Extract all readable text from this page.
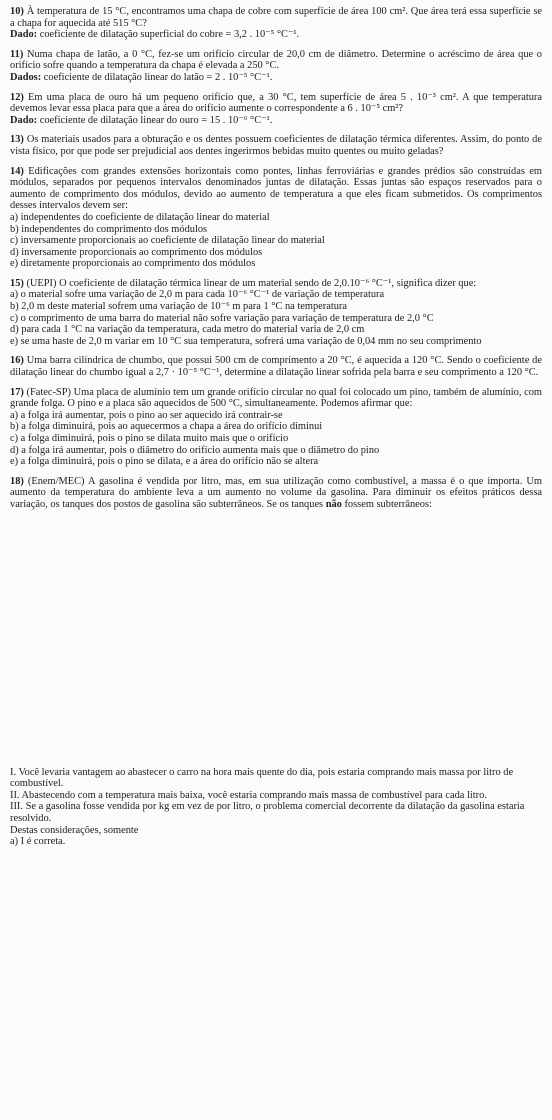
10) À temperatura de 15 °C, encontramos uma chapa de cobre com superfície de área 100 cm². Que área terá essa superfície se a chapa for aquecida até 515 °C?

Dado: coeficiente de dilatação superficial do cobre = 3,2 . 10⁻⁵ °C⁻¹.

11) Numa chapa de latão, a 0 °C, fez-se um orifício circular de 20,0 cm de diâmetro. Determine o acréscimo de área que o orifício sofre quando a temperatura da chapa é elevada a 250 °C.

Dados: coeficiente de dilatação linear do latão = 2 . 10⁻⁵ °C⁻¹.

12) Em uma placa de ouro há um pequeno orifício que, a 30 °C, tem superfície de área 5 . 10⁻³ cm². A que temperatura devemos levar essa placa para que a área do orifício aumente o correspondente a 6 . 10⁻⁵ cm²?

Dado: coeficiente de dilatação linear do ouro = 15 . 10⁻⁶ °C⁻¹.

13) Os materiais usados para a obturação e os dentes possuem coeficientes de dilatação térmica diferentes. Assim, do ponto de vista físico, por que pode ser prejudicial aos dentes ingerirmos bebidas muito quentes ou muito geladas?

14) Edificações com grandes extensões horizontais como pontes, linhas ferroviárias e grandes prédios são construídas em módulos, separados por pequenos intervalos denominados juntas de dilatação. Essas juntas são espaços reservados para o aumento de comprimento dos módulos, devido ao aumento de temperatura a que eles ficam submetidos. Os comprimentos desses intervalos devem ser:

a) independentes do coeficiente de dilatação linear do material

b) independentes do comprimento dos módulos

c) inversamente proporcionais ao coeficiente de dilatação linear do material

d) inversamente proporcionais ao comprimento dos módulos

e) diretamente proporcionais ao comprimento dos módulos

15) (UEPI) O coeficiente de dilatação térmica linear de um material sendo de 2,0.10⁻⁶ °C⁻¹, significa dizer que:

a) o material sofre uma variação de 2,0 m para cada 10⁻⁶ °C⁻¹ de variação de temperatura

b) 2,0 m deste material sofrem uma variação de 10⁻⁶ m para 1 °C na temperatura

c) o comprimento de uma barra do material não sofre variação para variação de temperatura de 2,0 °C

d) para cada 1 °C na variação da temperatura, cada metro do material varia de 2,0 cm

e) se uma haste de 2,0 m variar em 10 °C sua temperatura, sofrerá uma variação de 0,04 mm no seu comprimento

16) Uma barra cilíndrica de chumbo, que possui 500 cm de comprimento a 20 °C, é aquecida a 120 °C. Sendo o coeficiente de dilatação linear do chumbo igual a 2,7 · 10⁻⁵ °C⁻¹, determine a dilatação linear sofrida pela barra e seu comprimento a 120 °C.

17) (Fatec-SP) Uma placa de alumínio tem um grande orifício circular no qual foi colocado um pino, também de alumínio, com grande folga. O pino e a placa são aquecidos de 500 °C, simultaneamente. Podemos afirmar que:

a) a folga irá aumentar, pois o pino ao ser aquecido irá contrair-se

b) a folga diminuirá, pois ao aquecermos a chapa a área do orifício diminui

c) a folga diminuirá, pois o pino se dilata muito mais que o orifício

d) a folga irá aumentar, pois o diâmetro do orifício aumenta mais que o diâmetro do pino

e) a folga diminuirá, pois o pino se dilata, e a área do orifício não se altera

18) (Enem/MEC) A gasolina é vendida por litro, mas, em sua utilização como combustível, a massa é o que importa. Um aumento da temperatura do ambiente leva a um aumento no volume da gasolina. Para diminuir os efeitos práticos dessa variação, os tanques dos postos de gasolina são subterrâneos. Se os tanques não fossem subterrâneos:

I. Você levaria vantagem ao abastecer o carro na hora mais quente do dia, pois estaria comprando mais massa por litro de combustível.

II. Abastecendo com a temperatura mais baixa, você estaria comprando mais massa de combustível para cada litro.

III. Se a gasolina fosse vendida por kg em vez de por litro, o problema comercial decorrente da dilatação da gasolina estaria resolvido.

Destas considerações, somente

a) I é correta.
